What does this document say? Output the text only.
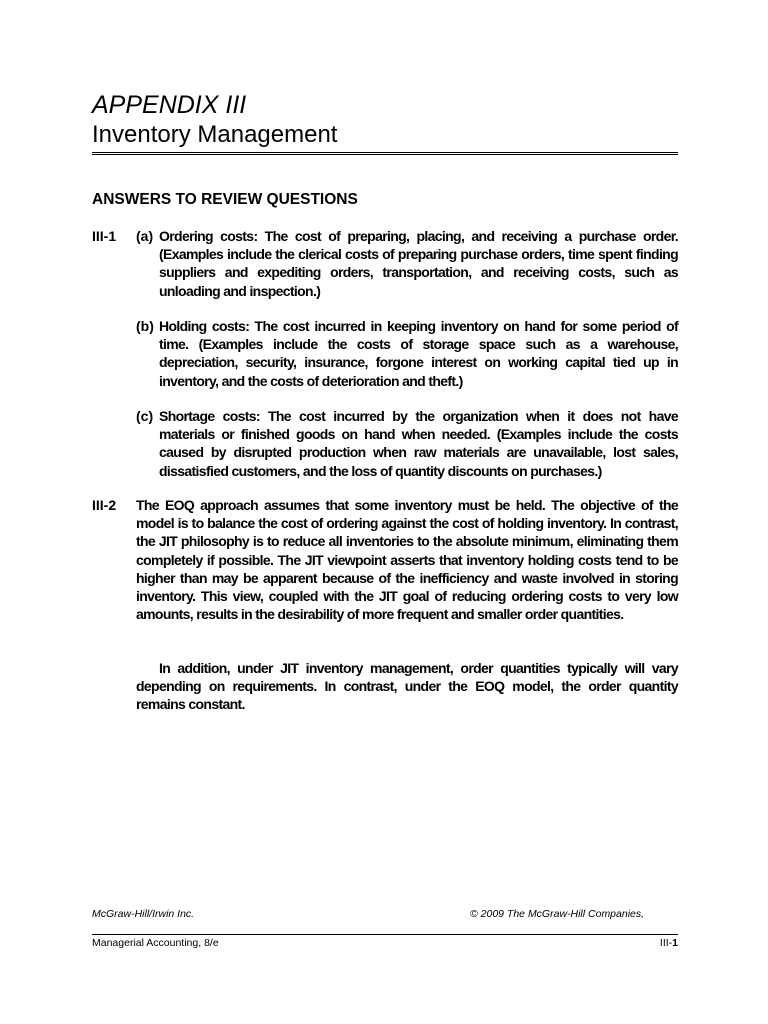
APPENDIX III
Inventory Management
ANSWERS TO REVIEW QUESTIONS
III-1 (a) Ordering costs: The cost of preparing, placing, and receiving a purchase order. (Examples include the clerical costs of preparing purchase orders, time spent finding suppliers and expediting orders, transportation, and receiving costs, such as unloading and inspection.)
(b) Holding costs: The cost incurred in keeping inventory on hand for some period of time. (Examples include the costs of storage space such as a warehouse, depreciation, security, insurance, forgone interest on working capital tied up in inventory, and the costs of deterioration and theft.)
(c) Shortage costs: The cost incurred by the organization when it does not have materials or finished goods on hand when needed. (Examples include the costs caused by disrupted production when raw materials are unavailable, lost sales, dissatisfied customers, and the loss of quantity discounts on purchases.)
III-2 The EOQ approach assumes that some inventory must be held. The objective of the model is to balance the cost of ordering against the cost of holding inventory. In contrast, the JIT philosophy is to reduce all inventories to the absolute minimum, eliminating them completely if possible. The JIT viewpoint asserts that inventory holding costs tend to be higher than may be apparent because of the inefficiency and waste involved in storing inventory. This view, coupled with the JIT goal of reducing ordering costs to very low amounts, results in the desirability of more frequent and smaller order quantities.
In addition, under JIT inventory management, order quantities typically will vary depending on requirements. In contrast, under the EOQ model, the order quantity remains constant.
McGraw-Hill/Irwin Inc.	© 2009 The McGraw-Hill Companies,
Managerial Accounting, 8/e	III-1
